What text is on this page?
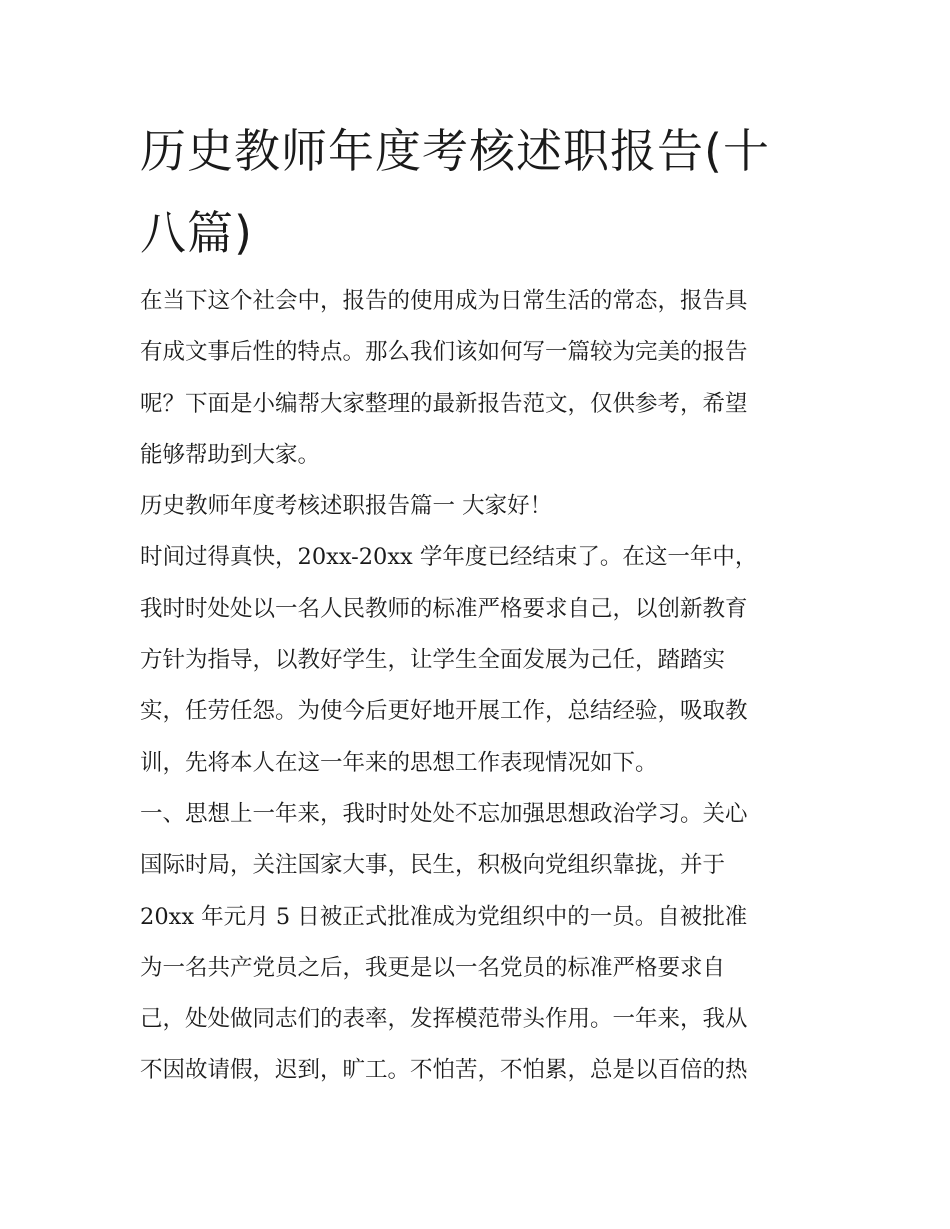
历史教师年度考核述职报告(十
八篇)
在当下这个社会中，报告的使用成为日常生活的常态，报告具
有成文事后性的特点。那么我们该如何写一篇较为完美的报告
呢？下面是小编帮大家整理的最新报告范文，仅供参考，希望
能够帮助到大家。
历史教师年度考核述职报告篇一 大家好！
时间过得真快，20xx-20xx 学年度已经结束了。在这一年中，
我时时处处以一名人民教师的标准严格要求自己，以创新教育
方针为指导，以教好学生，让学生全面发展为己任，踏踏实
实，任劳任怨。为使今后更好地开展工作，总结经验，吸取教
训，先将本人在这一年来的思想工作表现情况如下。
一、思想上一年来，我时时处处不忘加强思想政治学习。关心
国际时局，关注国家大事，民生，积极向党组织靠拢，并于
20xx 年元月 5 日被正式批准成为党组织中的一员。自被批准
为一名共产党员之后，我更是以一名党员的标准严格要求自
己，处处做同志们的表率，发挥模范带头作用。一年来，我从
不因故请假，迟到，旷工。不怕苦，不怕累，总是以百倍的热
